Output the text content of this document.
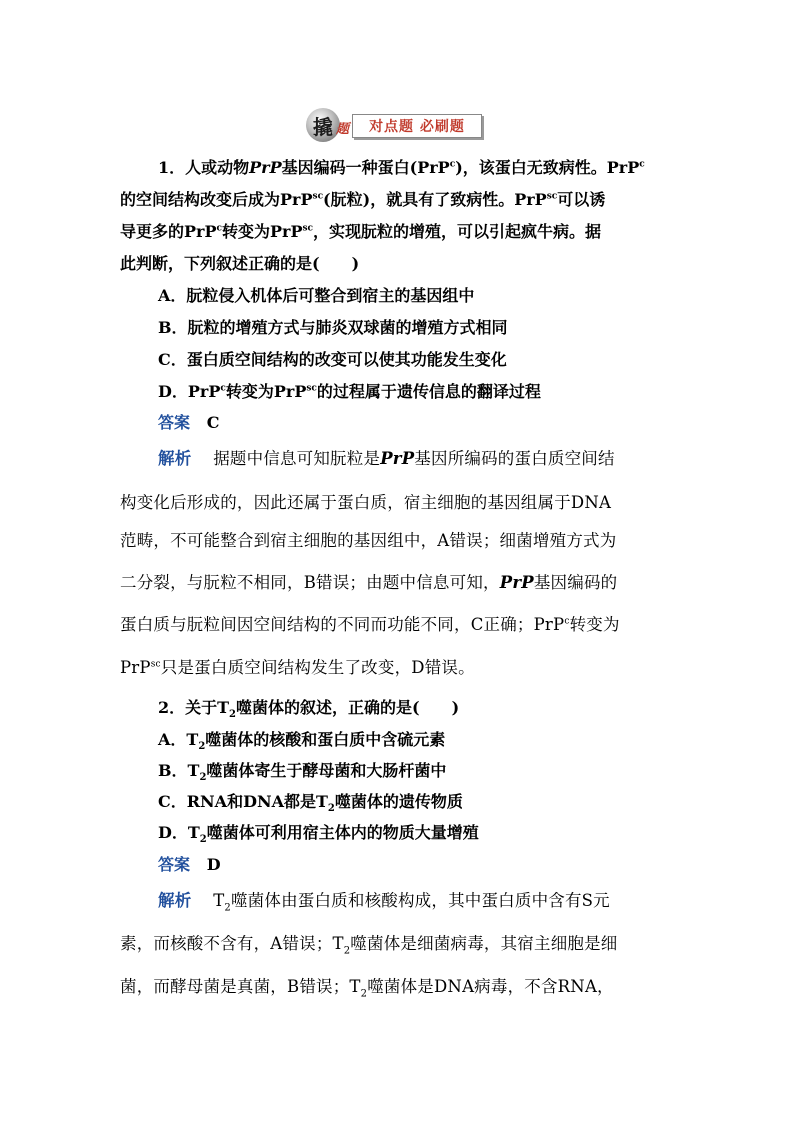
撬 题	对点题 必刷题
1．人或动物PrP基因编码一种蛋白(PrP$^c$)，该蛋白无致病性。PrP$^c$
的空间结构改变后成为PrP$^{sc}$(朊粒)，就具有了致病性。PrP$^{sc}$可以诱
导更多的PrP$^c$转变为PrP$^{sc}$，实现朊粒的增殖，可以引起疯牛病。据
此判断，下列叙述正确的是(　　)
A．朊粒侵入机体后可整合到宿主的基因组中
B．朊粒的增殖方式与肺炎双球菌的增殖方式相同
C．蛋白质空间结构的改变可以使其功能发生变化
D．PrP$^c$转变为PrP$^{sc}$的过程属于遗传信息的翻译过程
答案 C
解析 据题中信息可知朊粒是PrP基因所编码的蛋白质空间结
构变化后形成的，因此还属于蛋白质，宿主细胞的基因组属于DNA
范畴，不可能整合到宿主细胞的基因组中，A错误；细菌增殖方式为
二分裂，与朊粒不相同，B错误；由题中信息可知，PrP基因编码的
蛋白质与朊粒间因空间结构的不同而功能不同，C正确；PrP$^c$转变为
PrP$^{sc}$只是蛋白质空间结构发生了改变，D错误。
2．关于$T_2$噬菌体的叙述，正确的是(　　)
A．$T_2$噬菌体的核酸和蛋白质中含硫元素
B．$T_2$噬菌体寄生于酵母菌和大肠杆菌中
C．RNA和DNA都是$T_2$噬菌体的遗传物质
D．$T_2$噬菌体可利用宿主体内的物质大量增殖
答案 D
解析 $T_2$噬菌体由蛋白质和核酸构成，其中蛋白质中含有S元
素，而核酸不含有，A错误；$T_2$噬菌体是细菌病毒，其宿主细胞是细
菌，而酵母菌是真菌，B错误；$T_2$噬菌体是DNA病毒，不含RNA，
